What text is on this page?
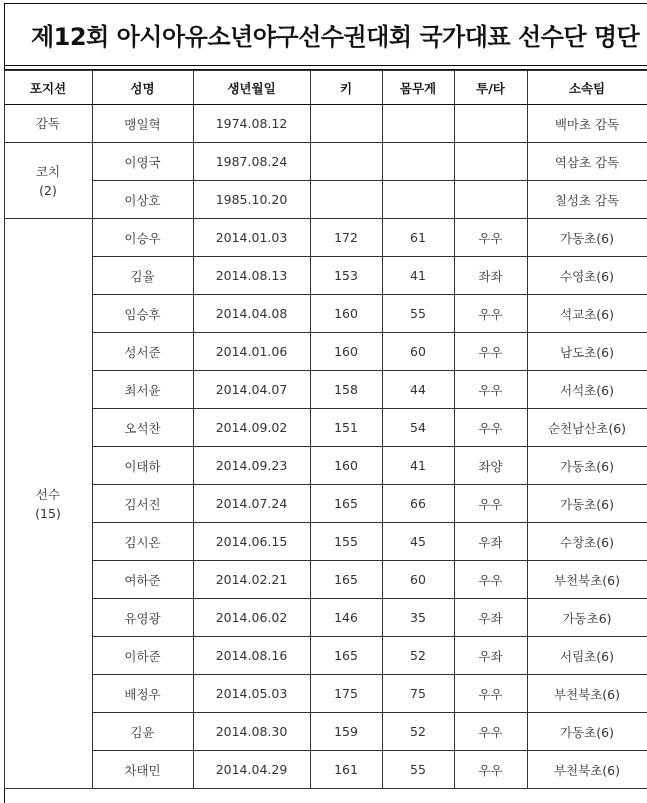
제12회 아시아유소년야구선수권대회 국가대표 선수단 명단
포지션	성명	생년월일	키	몸무게	투/타	소속팀

감독	맹일혁	1974.08.12				백마초 감독

코치
(2)	이영국	1987.08.24				역삼초 감독
	이상호	1985.10.20				칠성초 감독

선수
(15)	이승우	2014.01.03	172	61	우우	가동초(6)
	김율	2014.08.13	153	41	좌좌	수영초(6)
	임승후	2014.04.08	160	55	우우	석교초(6)
	성서준	2014.01.06	160	60	우우	남도초(6)
	최서윤	2014.04.07	158	44	우우	서석초(6)
	오석찬	2014.09.02	151	54	우우	순천남산초(6)
	이태하	2014.09.23	160	41	좌양	가동초(6)
	김서진	2014.07.24	165	66	우우	가동초(6)
	김시온	2014.06.15	155	45	우좌	수창초(6)
	여하준	2014.02.21	165	60	우우	부천북초(6)
	유영광	2014.06.02	146	35	우좌	가동초6)
	이하준	2014.08.16	165	52	우좌	서림초(6)
	배정우	2014.05.03	175	75	우우	부천북초(6)
	김윤	2014.08.30	159	52	우우	가동초(6)
	차태민	2014.04.29	161	55	우우	부천북초(6)
